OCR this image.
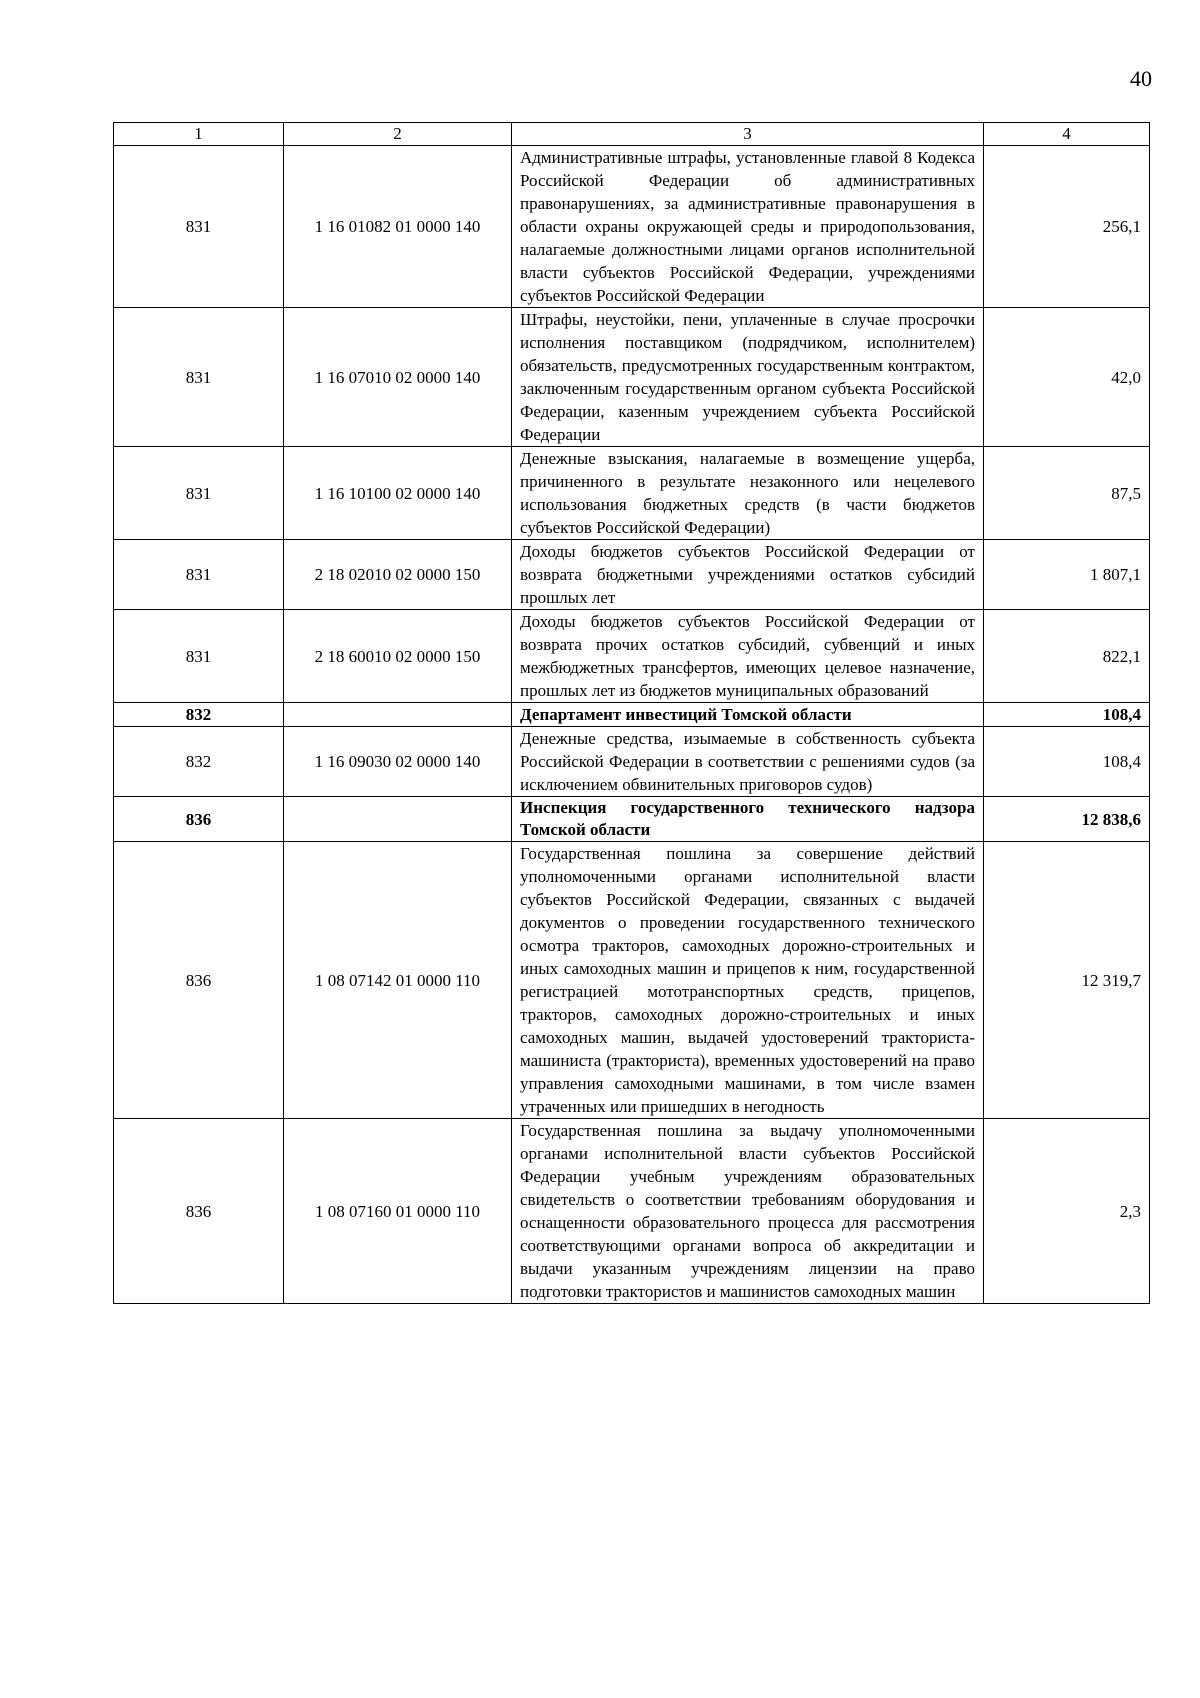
40
1	2	3	4
831	1 16 01082 01 0000 140	Административные штрафы, установленные главой 8 Кодекса Российской Федерации об административных правонарушениях, за административные правонарушения в области охраны окружающей среды и природопользования, налагаемые должностными лицами органов исполнительной власти субъектов Российской Федерации, учреждениями субъектов Российской Федерации	256,1
831	1 16 07010 02 0000 140	Штрафы, неустойки, пени, уплаченные в случае просрочки исполнения поставщиком (подрядчиком, исполнителем) обязательств, предусмотренных государственным контрактом, заключенным государственным органом субъекта Российской Федерации, казенным учреждением субъекта Российской Федерации	42,0
831	1 16 10100 02 0000 140	Денежные взыскания, налагаемые в возмещение ущерба, причиненного в результате незаконного или нецелевого использования бюджетных средств (в части бюджетов субъектов Российской Федерации)	87,5
831	2 18 02010 02 0000 150	Доходы бюджетов субъектов Российской Федерации от возврата бюджетными учреждениями остатков субсидий прошлых лет	1 807,1
831	2 18 60010 02 0000 150	Доходы бюджетов субъектов Российской Федерации от возврата прочих остатков субсидий, субвенций и иных межбюджетных трансфертов, имеющих целевое назначение, прошлых лет из бюджетов муниципальных образований	822,1
832		Департамент инвестиций Томской области	108,4
832	1 16 09030 02 0000 140	Денежные средства, изымаемые в собственность субъекта Российской Федерации в соответствии с решениями судов (за исключением обвинительных приговоров судов)	108,4
836		Инспекция государственного технического надзора Томской области	12 838,6
836	1 08 07142 01 0000 110	Государственная пошлина за совершение действий уполномоченными органами исполнительной власти субъектов Российской Федерации, связанных с выдачей документов о проведении государственного технического осмотра тракторов, самоходных дорожно-строительных и иных самоходных машин и прицепов к ним, государственной регистрацией мототранспортных средств, прицепов, тракторов, самоходных дорожно-строительных и иных самоходных машин, выдачей удостоверений тракториста-машиниста (тракториста), временных удостоверений на право управления самоходными машинами, в том числе взамен утраченных или пришедших в негодность	12 319,7
836	1 08 07160 01 0000 110	Государственная пошлина за выдачу уполномоченными органами исполнительной власти субъектов Российской Федерации учебным учреждениям образовательных свидетельств о соответствии требованиям оборудования и оснащенности образовательного процесса для рассмотрения соответствующими органами вопроса об аккредитации и выдачи указанным учреждениям лицензии на право подготовки трактористов и машинистов самоходных машин	2,3
